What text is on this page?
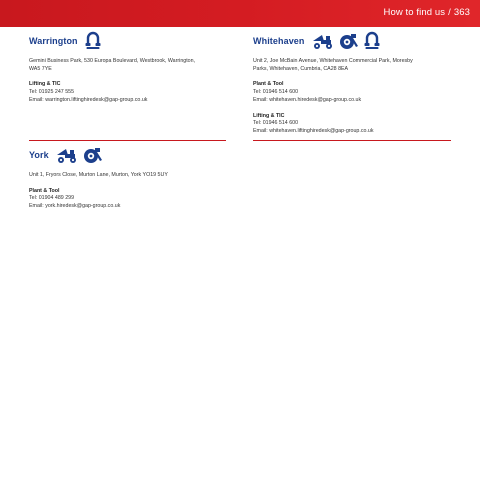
How to find us / 363
Warrington
Gemini Business Park, 530 Europa Boulevard, Westbrook, Warrington,
WA5 7YE
Lifting & TIC
Tel: 01925 247 555
Email: warrington.liftinghiredesk@gap-group.co.uk
Whitehaven
Unit 2, Joe McBain Avenue, Whitehaven Commercial Park, Moresby
Parks, Whitehaven, Cumbria, CA28 8EA
Plant & Tool
Tel: 01946 514 600
Email: whitehaven.hiredesk@gap-group.co.uk
Lifting & TIC
Tel: 01946 514 600
Email: whitehaven.liftinghiredesk@gap-group.co.uk
York
Unit 1, Fryors Close, Murton Lane, Murton, York YO19 5UY
Plant & Tool
Tel: 01904 489 299
Email: york.hiredesk@gap-group.co.uk
